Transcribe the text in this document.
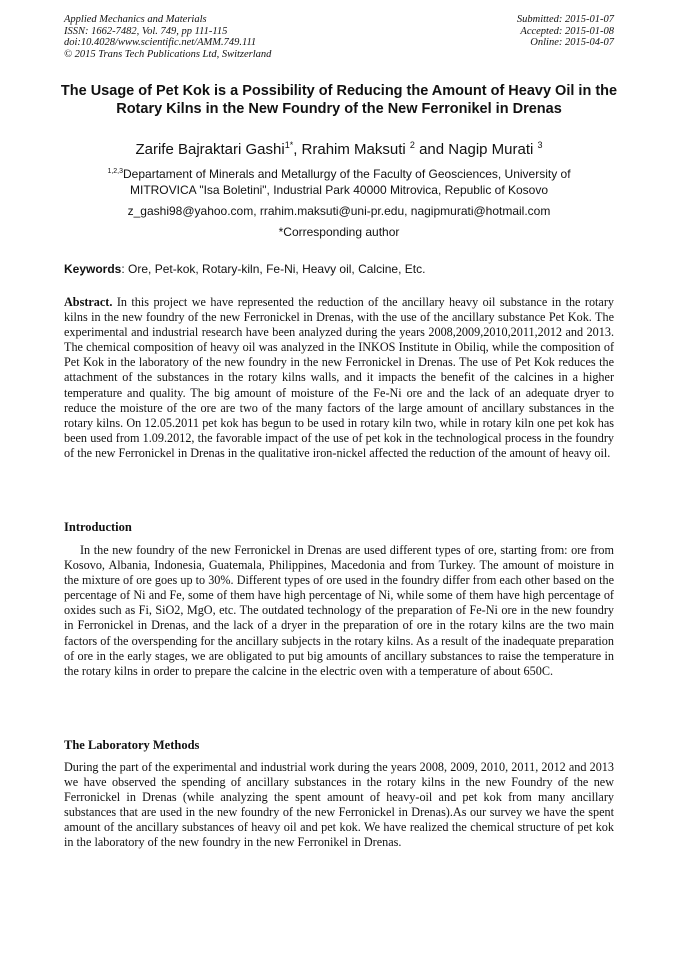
Applied Mechanics and Materials
ISSN: 1662-7482, Vol. 749, pp 111-115
doi:10.4028/www.scientific.net/AMM.749.111
© 2015 Trans Tech Publications Ltd, Switzerland
Submitted: 2015-01-07
Accepted: 2015-01-08
Online: 2015-04-07
The Usage of Pet Kok is a Possibility of Reducing the Amount of Heavy Oil in the Rotary Kilns in the New Foundry of the New Ferronikel in Drenas
Zarife Bajraktari Gashi$^{1*}$, Rrahim Maksuti $^2$ and Nagip Murati $^3$
$^{1,2,3}$Departament of Minerals and Metallurgy of the Faculty of Geosciences, University of MITROVICA "Isa Boletini", Industrial Park 40000 Mitrovica, Republic of Kosovo
z_gashi98@yahoo.com, rrahim.maksuti@uni-pr.edu, nagipmurati@hotmail.com
*Corresponding author
Keywords: Ore, Pet-kok, Rotary-kiln, Fe-Ni, Heavy oil, Calcine, Etc.

Abstract. In this project we have represented the reduction of the ancillary heavy oil substance in the rotary kilns in the new foundry of the new Ferronickel in Drenas, with the use of the ancillary substance Pet Kok. The experimental and industrial research have been analyzed during the years 2008,2009,2010,2011,2012 and 2013. The chemical composition of heavy oil was analyzed in the INKOS Institute in Obiliq, while the composition of Pet Kok in the laboratory of the new foundry in the new Ferronickel in Drenas. The use of Pet Kok reduces the attachment of the substances in the rotary kilns walls, and it impacts the benefit of the calcines in a higher temperature and quality. The big amount of moisture of the Fe-Ni ore and the lack of an adequate dryer to reduce the moisture of the ore are two of the many factors of the large amount of ancillary substances in the rotary kilns. On 12.05.2011 pet kok has begun to be used in rotary kiln two, while in rotary kiln one pet kok has been used from 1.09.2012, the favorable impact of the use of pet kok in the technological process in the foundry of the new Ferronickel in Drenas in the qualitative iron-nickel affected the reduction of the amount of heavy oil.

Introduction

In the new foundry of the new Ferronickel in Drenas are used different types of ore, starting from: ore from Kosovo, Albania, Indonesia, Guatemala, Philippines, Macedonia and from Turkey. The amount of moisture in the mixture of ore goes up to 30%. Different types of ore used in the foundry differ from each other based on the percentage of Ni and Fe, some of them have high percentage of Ni, while some of them have high percentage of oxides such as Fi, SiO2, MgO, etc. The outdated technology of the preparation of Fe-Ni ore in the new foundry in Ferronickel in Drenas, and the lack of a dryer in the preparation of ore in the rotary kilns are the two main factors of the overspending for the ancillary subjects in the rotary kilns. As a result of the inadequate preparation of ore in the early stages, we are obligated to put big amounts of ancillary substances to raise the temperature in the rotary kilns in order to prepare the calcine in the electric oven with a temperature of about 650C.

The Laboratory Methods

During the part of the experimental and industrial work during the years 2008, 2009, 2010, 2011, 2012 and 2013 we have observed the spending of ancillary substances in the rotary kilns in the new Foundry of the new Ferronickel in Drenas (while analyzing the spent amount of heavy-oil and pet kok from many ancillary substances that are used in the new foundry of the new Ferronickel in Drenas).As our survey we have the spent amount of the ancillary substances of heavy oil and pet kok. We have realized the chemical structure of pet kok in the laboratory of the new foundry in the new Ferronikel in Drenas.
